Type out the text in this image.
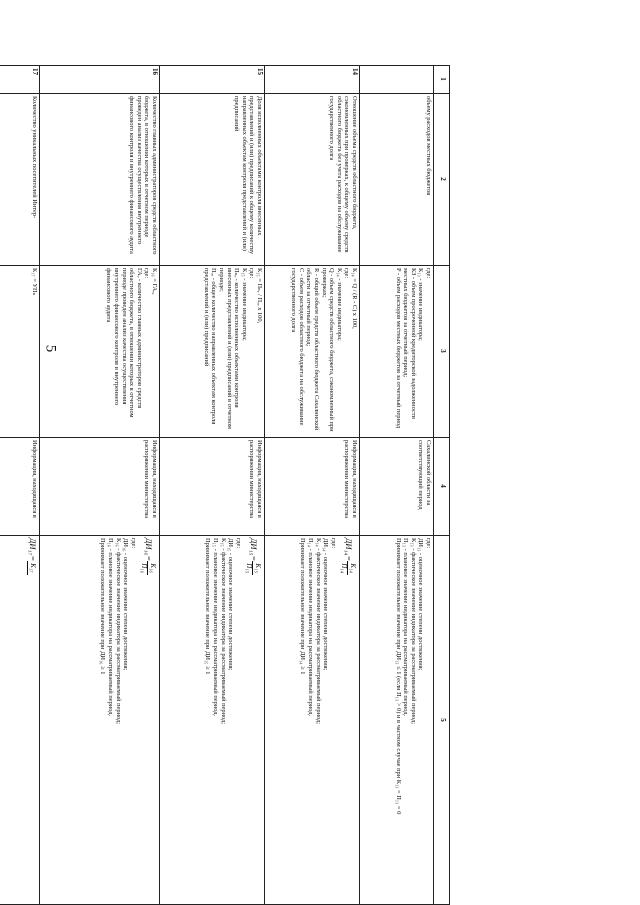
5
1
2
3
4
5
объему расходов местных бюджетов

где:

К₁₃ - значение индикатора;

КЗ - объем просроченной кредиторской задолженности местных бюджетов за отчетный период;

Р - объем расходов местных бюджетов за отчетный период

Сахалинской области за соответствующий период

где:

ДИ₁₃ - оценочное значение степени достижения;

К₁₃ - фактическое значение индикатора за рассматриваемый период;

П₁₃ - плановое значение индикатора на рассматриваемый период.

Принимает положительное значение при ДИ₁₃ ≤ 1 (если П₁₃ > 0) и в частном случае при К₁₃ = П₁₃ = 0

14
Отношение объема средств областного бюджета, сэкономленных при проверках, к общему объему средств областного бюджета без учета расходов на обслуживание государственного долга

К₁₄ = Q / (R - C) х 100,

где:

К₁₄ - значение индикатора;

Q - объем средств областного бюджета, сэкономленный при проверках;

R - общий объем средств областного бюджета Сахалинской области за отчетный период;

С - объем расходов областного бюджета на обслуживание государственного долга

Информация, находящаяся в распоряжении министерства
ДИ₁₄=
К₁₄
П₁₄

где:

ДИ₁₄ - оценочное значение степени достижения;

К₁₄ - фактическое значение индикатора за рассматриваемый период;

П₁₄ - плановое значение индикатора на рассматриваемый период.

Принимает положительное значение при ДИ₁₄ ≥ 1

15
Доля исполненных объектами контроля внесенных представлений и (или) предписаний к общему количеству направленных объектам контроля представлений и (или) предписаний

К₁₅ = Пₙₑ / Пₒₑ х 100,

где:

К₁₅ - значение индикатора;

Пₙₑ - количество исполненных объектами контроля внесенных представлений и (или) предписаний в отчетном периоде;

Пₒₑ - общее количество направленных объектам контроля представлений и (или) предписаний

Информация, находящаяся в распоряжении министерства
ДИ₁₅=
К₁₅
П₁₅

где:

ДИ₁₅ - оценочное значение степени достижения;

К₁₅ - фактическое значение индикатора за рассматриваемый период;

П₁₅ - плановое значение индикатора на рассматриваемый период.

Принимает положительное значение при ДИ₁₅ ≥ 1

16
Количество главных администраторов средств областного бюджета, в отношении которых в отчетном периоде проведен анализ качества осуществления внутреннего финансового контроля и внутреннего финансового аудита

К₁₆ = ГАₒ,

где:

ГАₒ - количество главных администраторов средств областного бюджета, в отношении которых в отчетном периоде проведен анализ качества осуществления внутреннего финансового контроля и внутреннего финансового аудита

Информация, находящаяся в распоряжении министерства
ДИ₁₆=
К₁₆
П₁₆

где:

ДИ₁₆ - оценочное значение степени достижения;

К₁₆ - фактическое значение индикатора за рассматриваемый период;

П₁₆ - плановое значение индикатора на рассматриваемый период.

Принимает положительное значение при ДИ₁₆ ≥ 1

17
Количество уникальных посетителей Интер-

К₁₇ = УПₙ

Информация, находящаяся в
ДИ₁₇=
К₁₇
